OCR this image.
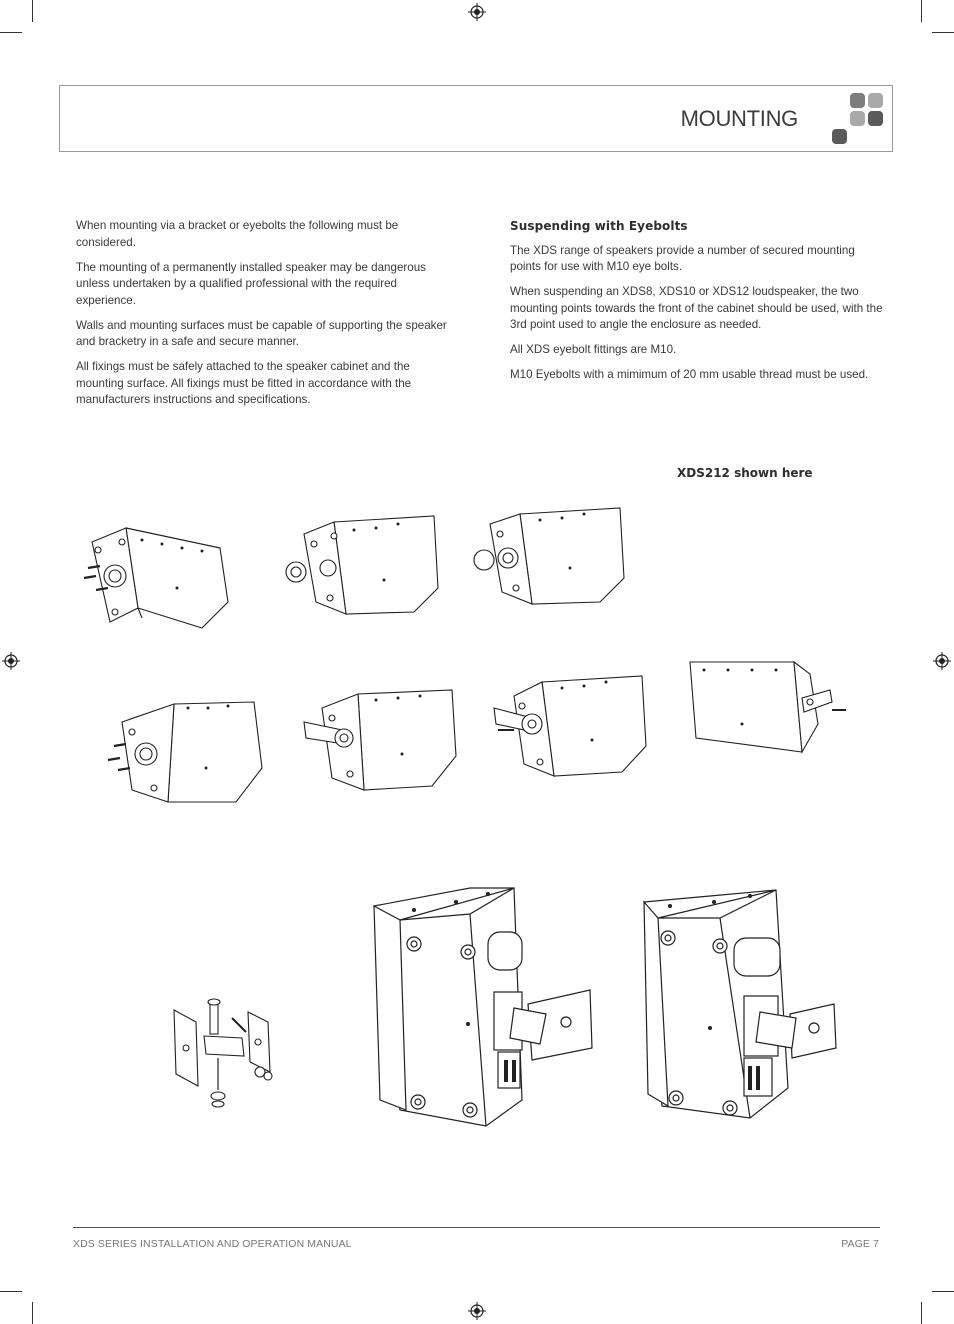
MOUNTING

When mounting via a bracket or eyebolts the following must be considered.

The mounting of a permanently installed speaker may be dangerous unless undertaken by a qualified professional with the required experience.

Walls and mounting surfaces must be capable of supporting the speaker and bracketry in a safe and secure manner.

All fixings must be safely attached to the speaker cabinet and the mounting surface. All fixings must be fitted in accordance with the manufacturers instructions and specifications.

Suspending with Eyebolts

The XDS range of speakers provide a number of secured mounting points for use with M10 eye bolts.

When suspending an XDS8, XDS10 or XDS12 loudspeaker, the two mounting points towards the front of the cabinet should be used, with the 3rd point used to angle the enclosure as needed.

All XDS eyebolt fittings are M10.

M10 Eyebolts with a mimimum of 20 mm usable thread must be used.

XDS212 shown here
XDS SERIES INSTALLATION AND OPERATION MANUAL	PAGE 7
